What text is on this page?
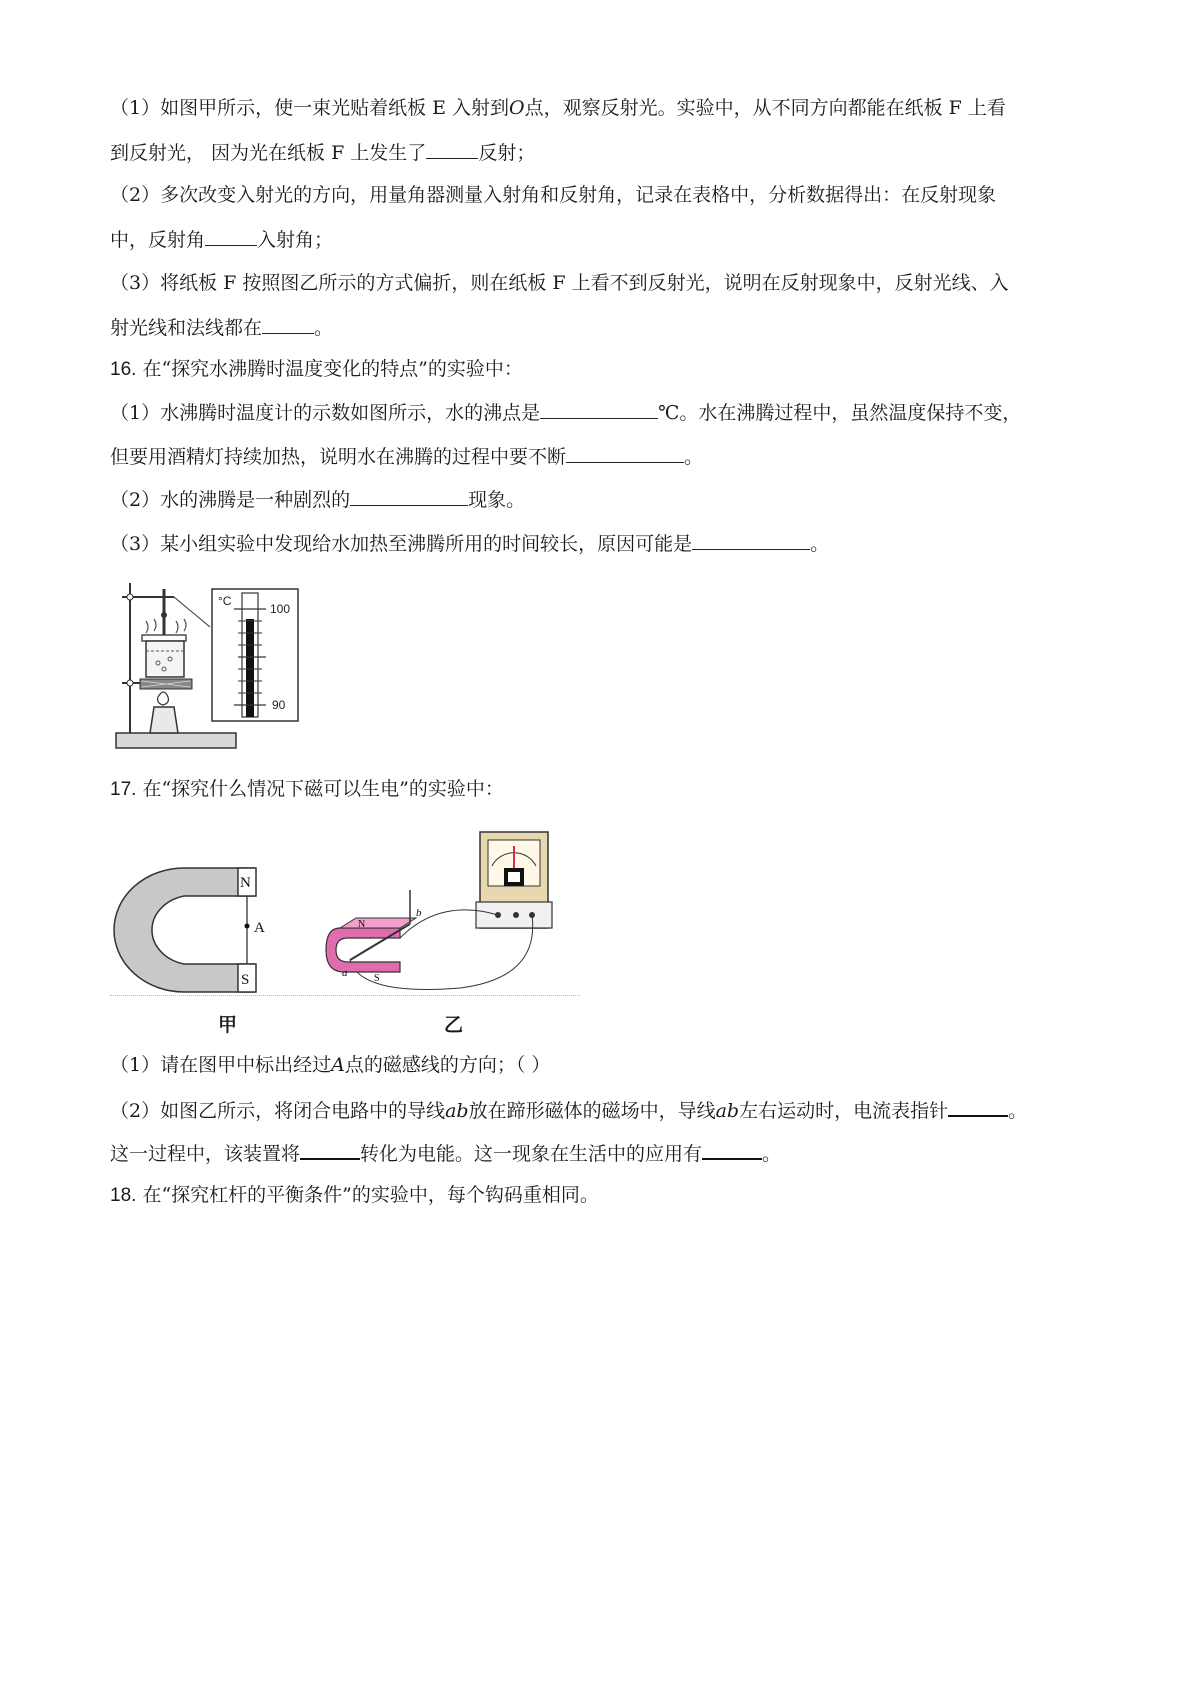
（1）如图甲所示，使一束光贴着纸板 E 入射到O点，观察反射光。实验中，从不同方向都能在纸板 F 上看
到反射光， 因为光在纸板 F 上发生了	反射；
（2）多次改变入射光的方向，用量角器测量入射角和反射角，记录在表格中，分析数据得出：在反射现象
中，反射角	入射角；
（3）将纸板 F 按照图乙所示的方式偏折，则在纸板 F 上看不到反射光，说明在反射现象中，反射光线、入
射光线和法线都在	。
16. 在“探究水沸腾时温度变化的特点”的实验中：
（1）水沸腾时温度计的示数如图所示，水的沸点是	℃。水在沸腾过程中，虽然温度保持不变，
但要用酒精灯持续加热，说明水在沸腾的过程中要不断	。
（2）水的沸腾是一种剧烈的	现象。
（3）某小组实验中发现给水加热至沸腾所用的时间较长，原因可能是	。
°C
100
90
17. 在“探究什么情况下磁可以生电”的实验中：
N
S
A	N
S
a
b
甲	乙
（1）请在图甲中标出经过A点的磁感线的方向；（ ）
（2）如图乙所示，将闭合电路中的导线ab放在蹄形磁体的磁场中，导线ab左右运动时，电流表指针	。
这一过程中，该装置将	转化为电能。这一现象在生活中的应用有	。
18. 在“探究杠杆的平衡条件”的实验中，每个钩码重相同。
